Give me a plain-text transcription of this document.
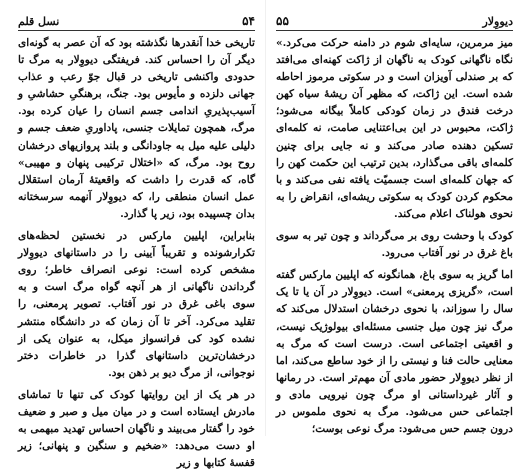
۵۴
نسل قلم

تاریخی خدا آنقدرها نگذشته بود که آن عصر به گونه‌ای دیگر آن را احساس کند. فریفتگی دیووِلار به مرگ تا حدودی واکنشی تاریخی در قبال جوّ رعب و عذاب جهانی دلزده و مأیوس بود. جنگ، برهنگیِ حشاشیِ و آسیب‌پذیریِ اندامی جسم انسان را عیان کرده بود. مرگ، همچون تمایلات جنسی، پاداوریِ ضعف جسم و دلیلی علیه میل به جاودانگی و بلند پروازیهای درخشان روح بود. مرگ، که «اختلال ترکیبی پنهان و مهیبی» گاه، که قدرت را داشت که واقعیتهٔ آرمان استقلال عمل انسان منطقی را، که دیووِلار آنهمه سرسختانه بدان چسپیده بود، زیر پا گذارد.

بنابراین، اپلیین مارکس در نخستین لحظه‌های تکرارشونده و تقریباً آیینی را در داستانهای دیووِلار مشخص کرده است: نوعی انصراف خاطر؛ روی گرداندن ناگهانی از هر آنچه گواه مرگ است و به سوی باغی غرق در نور آفتاب. تصویر پرمعنی، را تقلید می‌کرد. آخر تا آن زمان که در دانشگاه منتشر نشده کود کی فرانسواز میکل، به عنوان یکی از درخشان‌ترین داستانهای گذرا در خاطرات دختر نوجوانی، از مرگ دیو بر ذهن بود.

در هر یک از این روایتها کودک کی تنها تا تماشای مادرش ایستاده است و در میان میل و صبر و ضعیف خود را گفتار می‌بیند و ناگهان احساس تهدید مبهمی به او دست می‌دهد: «ضخیم و سنگین و پنهانی؛ زیر قفسهٔ کتابها و زیر

دیووِلار
۵۵

میز مرمرین، سایه‌ای شوم در دامنه حرکت می‌کرد.» نگاه ناگهانی کودک به ناگهان از ژاکت کهنه‌ای می‌افتد که بر صندلی آویزان است و در سکوتی مرموز احاطه شده است. این ژاکت، که مظهر آن ریشهٔ سیاه کهن درخت فندق در زمان کودکی کاملاً بیگانه می‌شود؛ ژاکت، محبوس در این بی‌اعتنایی صامت، نه کلمه‌ای تسکین دهنده صادر می‌کند و نه جایی برای چنین کلمه‌ای باقی می‌گذارد، بدین ترتیب این حکمت کهن را که جهان کلمه‌ای است جسمیّت یافته نفی می‌کند و با محکوم کردن کودک به سکوتی ریشه‌ای، انقراض را به نحوی هولناک اعلام می‌کند.

کودک با وحشت روی بر می‌گرداند و چون تیر به سوی باغ غرق در نور آفتاب می‌رود.

اما گریز به سوی باغ، همانگونه که اپلیین مارکس گفته است، «گریزی پرمعنی» است. دیووِلار در آن یا تا یک سال را سوزاند، با نحوی درخشان استدلال می‌کند که مرگ نیز چون میل جنسی مسئله‌ای بیولوژیک نیست، و اقعیتی اجتماعی است. درست است که مرگ به معنایی حالت فنا و نیستی را از خود ساطع می‌کند، اما از نظر دیووِلار حضور مادی آن مهم‌تر است. در رمانها و آثار غیرداستانی او مرگ چون نیرویی مادی و اجتماعی حس می‌شود. مرگ به نحوی ملموس در درون جسم حس می‌شود: مرگ نوعی بوست؛
